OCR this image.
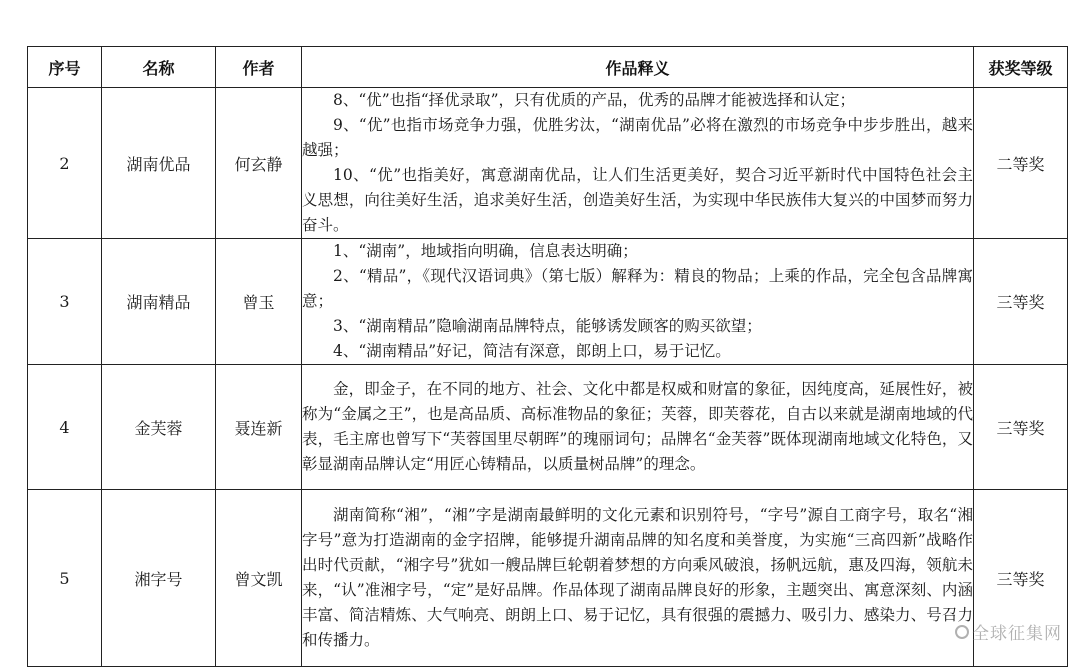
序号	名称	作者	作品释义	获奖等级
2	湖南优品	何玄静	8、“优”也指“择优录取”，只有优质的产品，优秀的品牌才能被选择和认定；

9、“优”也指市场竞争力强，优胜劣汰，“湖南优品”必将在激烈的市场竞争中步步胜出，越来越强；

10、“优”也指美好，寓意湖南优品，让人们生活更美好，契合习近平新时代中国特色社会主义思想，向往美好生活，追求美好生活，创造美好生活，为实现中华民族伟大复兴的中国梦而努力奋斗。	二等奖
3	湖南精品	曾玉	1、“湖南”，地域指向明确，信息表达明确；

2、“精品”，《现代汉语词典》（第七版）解释为：精良的物品；上乘的作品，完全包含品牌寓意；

3、“湖南精品”隐喻湖南品牌特点，能够诱发顾客的购买欲望；

4、“湖南精品”好记，简洁有深意，郎朗上口，易于记忆。	三等奖
4	金芙蓉	聂连新	金，即金子，在不同的地方、社会、文化中都是权威和财富的象征，因纯度高，延展性好，被称为“金属之王”，也是高品质、高标准物品的象征；芙蓉，即芙蓉花，自古以来就是湖南地域的代表，毛主席也曾写下“芙蓉国里尽朝晖”的瑰丽词句；品牌名“金芙蓉”既体现湖南地域文化特色，又彰显湖南品牌认定“用匠心铸精品，以质量树品牌”的理念。	三等奖
5	湘字号	曾文凯	湖南简称“湘”，“湘”字是湖南最鲜明的文化元素和识别符号，“字号”源自工商字号，取名“湘字号”意为打造湖南的金字招牌，能够提升湖南品牌的知名度和美誉度，为实施“三高四新”战略作出时代贡献，“湘字号”犹如一艘品牌巨轮朝着梦想的方向乘风破浪，扬帆远航，惠及四海，领航未来，“认”准湘字号，“定”是好品牌。作品体现了湖南品牌良好的形象，主题突出、寓意深刻、内涵丰富、简洁精炼、大气响亮、朗朗上口、易于记忆，具有很强的震撼力、吸引力、感染力、号召力和传播力。	三等奖
全球征集网
